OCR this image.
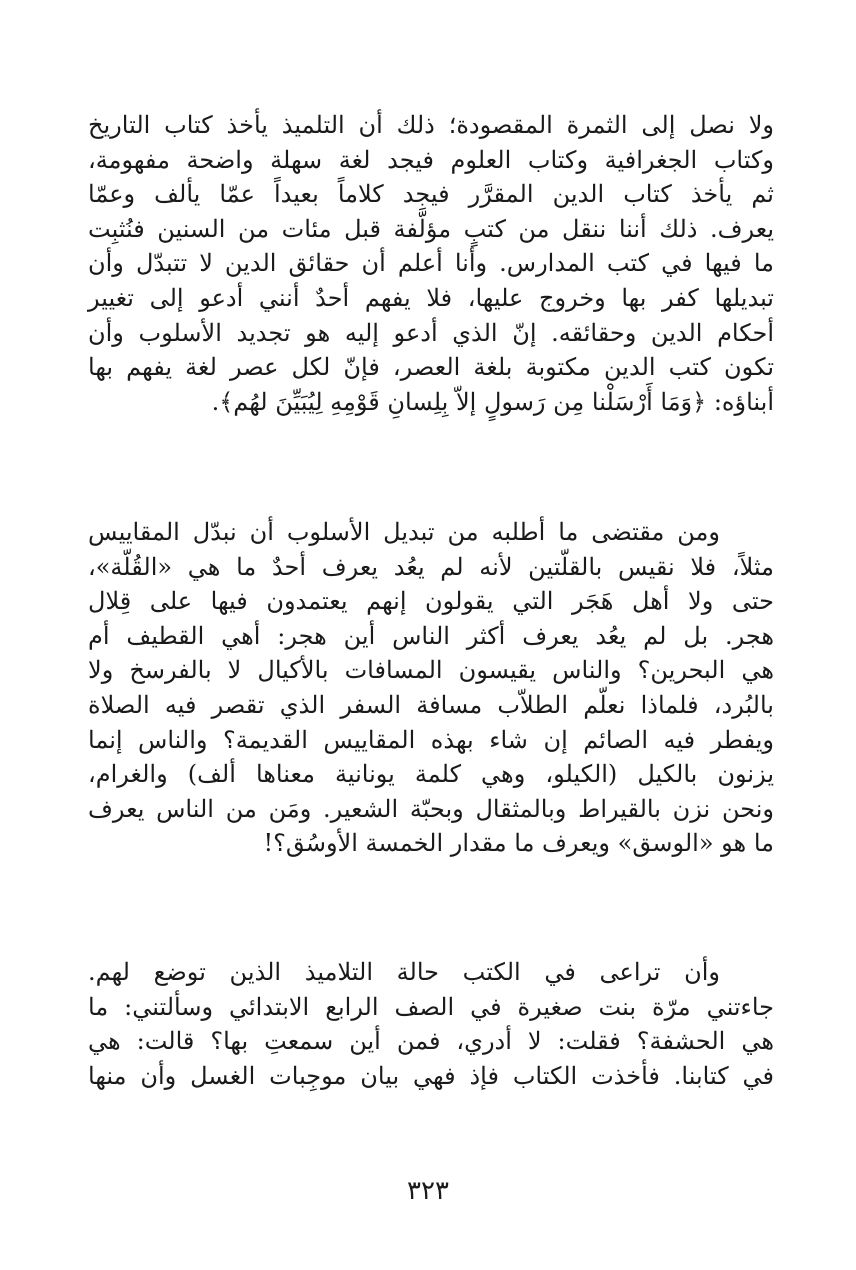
ولا نصل إلى الثمرة المقصودة؛ ذلك أن التلميذ يأخذ كتاب التاريخ
وكتاب الجغرافية وكتاب العلوم فيجد لغة سهلة واضحة مفهومة،
ثم يأخذ كتاب الدين المقرَّر فيجد كلاماً بعيداً عمّا يألف وعمّا
يعرف. ذلك أننا ننقل من كتبٍ مؤلَّفة قبل مئات من السنين فنُثبِت
ما فيها في كتب المدارس. وأنا أعلم أن حقائق الدين لا تتبدّل وأن
تبديلها كفر بها وخروج عليها، فلا يفهم أحدٌ أنني أدعو إلى تغيير
أحكام الدين وحقائقه. إنّ الذي أدعو إليه هو تجديد الأسلوب وأن
تكون كتب الدين مكتوبة بلغة العصر، فإنّ لكل عصر لغة يفهم بها
أبناؤه: ﴿وَمَا أَرْسَلْنا مِن رَسولٍ إلاّ بِلِسانِ قَوْمِهِ لِيُبَيِّنَ لهُم﴾.

ومن مقتضى ما أطلبه من تبديل الأسلوب أن نبدّل المقاييس
مثلاً، فلا نقيس بالقلّتين لأنه لم يعُد يعرف أحدٌ ما هي «القُلّة»،
حتى ولا أهل هَجَر التي يقولون إنهم يعتمدون فيها على قِلال
هجر. بل لم يعُد يعرف أكثر الناس أين هجر: أهي القطيف أم
هي البحرين؟ والناس يقيسون المسافات بالأكيال لا بالفرسخ ولا
بالبُرد، فلماذا نعلّم الطلاّب مسافة السفر الذي تقصر فيه الصلاة
ويفطر فيه الصائم إن شاء بهذه المقاييس القديمة؟ والناس إنما
يزنون بالكيل (الكيلو، وهي كلمة يونانية معناها ألف) والغرام،
ونحن نزن بالقيراط وبالمثقال وبحبّة الشعير. ومَن من الناس يعرف
ما هو «الوسق» ويعرف ما مقدار الخمسة الأوسُق؟!

وأن تراعى في الكتب حالة التلاميذ الذين توضع لهم.
جاءتني مرّة بنت صغيرة في الصف الرابع الابتدائي وسألتني: ما
هي الحشفة؟ فقلت: لا أدري، فمن أين سمعتِ بها؟ قالت: هي
في كتابنا. فأخذت الكتاب فإذ فهي بيان موجِبات الغسل وأن منها

٣٢٣
